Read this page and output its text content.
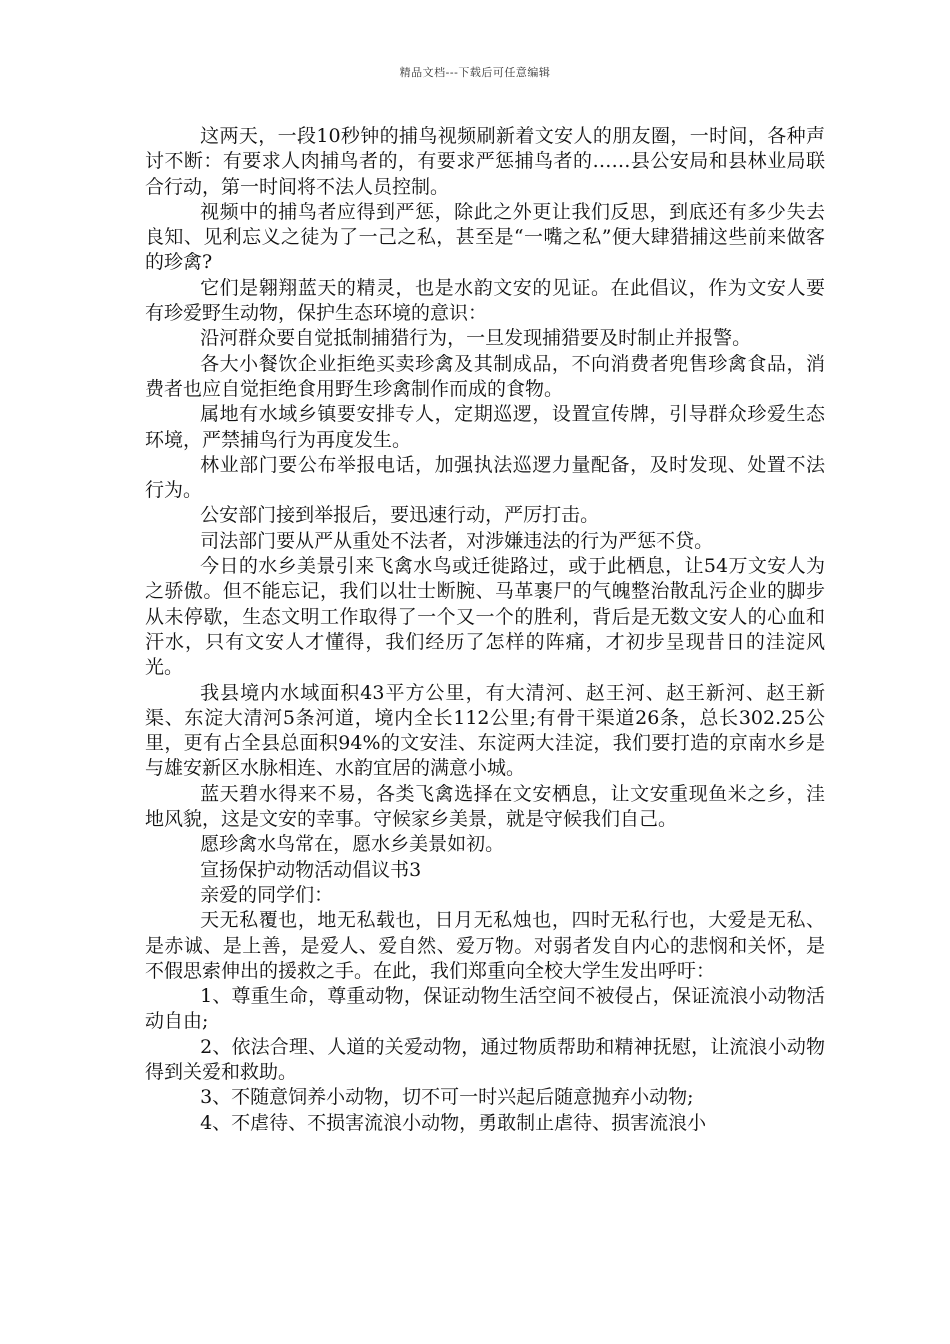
精品文档---下载后可任意编辑

这两天，一段10秒钟的捕鸟视频刷新着文安人的朋友圈，一时间，各种声讨不断：有要求人肉捕鸟者的，有要求严惩捕鸟者的……县公安局和县林业局联合行动，第一时间将不法人员控制。

视频中的捕鸟者应得到严惩，除此之外更让我们反思，到底还有多少失去良知、见利忘义之徒为了一己之私，甚至是“一嘴之私”便大肆猎捕这些前来做客的珍禽?

它们是翱翔蓝天的精灵，也是水韵文安的见证。在此倡议，作为文安人要有珍爱野生动物，保护生态环境的意识：

沿河群众要自觉抵制捕猎行为，一旦发现捕猎要及时制止并报警。

各大小餐饮企业拒绝买卖珍禽及其制成品，不向消费者兜售珍禽食品，消费者也应自觉拒绝食用野生珍禽制作而成的食物。

属地有水域乡镇要安排专人，定期巡逻，设置宣传牌，引导群众珍爱生态环境，严禁捕鸟行为再度发生。

林业部门要公布举报电话，加强执法巡逻力量配备，及时发现、处置不法行为。

公安部门接到举报后，要迅速行动，严厉打击。

司法部门要从严从重处不法者，对涉嫌违法的行为严惩不贷。

今日的水乡美景引来飞禽水鸟或迁徙路过，或于此栖息，让54万文安人为之骄傲。但不能忘记，我们以壮士断腕、马革裹尸的气魄整治散乱污企业的脚步从未停歇，生态文明工作取得了一个又一个的胜利，背后是无数文安人的心血和汗水，只有文安人才懂得，我们经历了怎样的阵痛，才初步呈现昔日的洼淀风光。

我县境内水域面积43平方公里，有大清河、赵王河、赵王新河、赵王新渠、东淀大清河5条河道，境内全长112公里;有骨干渠道26条，总长302.25公里，更有占全县总面积94%的文安洼、东淀两大洼淀，我们要打造的京南水乡是与雄安新区水脉相连、水韵宜居的满意小城。

蓝天碧水得来不易，各类飞禽选择在文安栖息，让文安重现鱼米之乡，洼地风貌，这是文安的幸事。守候家乡美景，就是守候我们自己。

愿珍禽水鸟常在，愿水乡美景如初。

宣扬保护动物活动倡议书3

亲爱的同学们：

天无私覆也，地无私载也，日月无私烛也，四时无私行也，大爱是无私、是赤诚、是上善，是爱人、爱自然、爱万物。对弱者发自内心的悲悯和关怀，是不假思索伸出的援救之手。在此，我们郑重向全校大学生发出呼吁：

1、尊重生命，尊重动物，保证动物生活空间不被侵占，保证流浪小动物活动自由;

2、依法合理、人道的关爱动物，通过物质帮助和精神抚慰，让流浪小动物得到关爱和救助。

3、不随意饲养小动物，切不可一时兴起后随意抛弃小动物;

4、不虐待、不损害流浪小动物，勇敢制止虐待、损害流浪小
